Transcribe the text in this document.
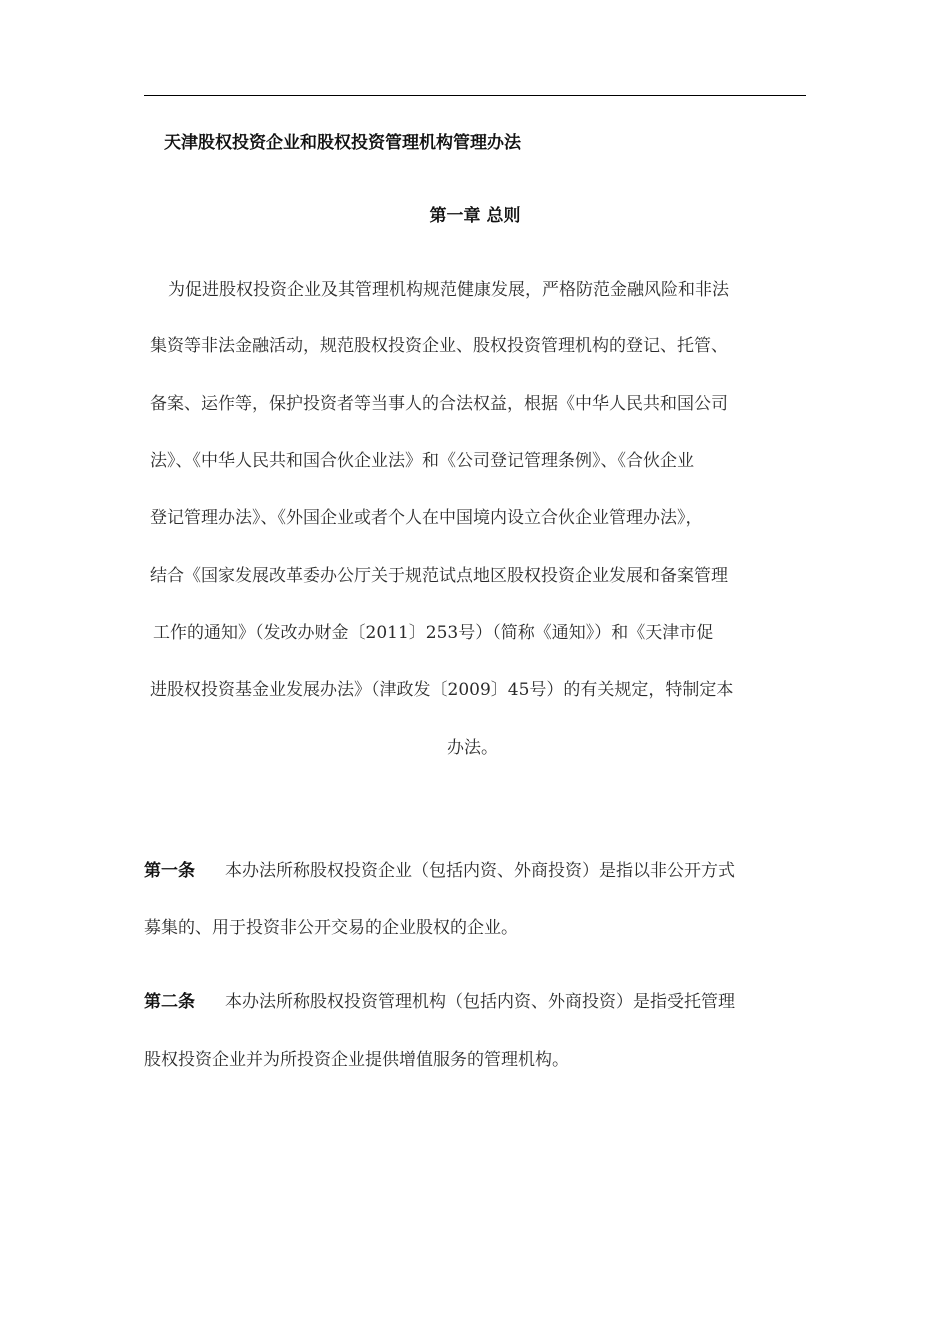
天津股权投资企业和股权投资管理机构管理办法
第一章 总则
为促进股权投资企业及其管理机构规范健康发展，严格防范金融风险和非法
集资等非法金融活动，规范股权投资企业、股权投资管理机构的登记、托管、
备案、运作等，保护投资者等当事人的合法权益，根据《中华人民共和国公司
法》、《中华人民共和国合伙企业法》和《公司登记管理条例》、《合伙企业
登记管理办法》、《外国企业或者个人在中国境内设立合伙企业管理办法》，
结合《国家发展改革委办公厅关于规范试点地区股权投资企业发展和备案管理
工作的通知》（发改办财金〔2011〕253号）（简称《通知》）和《天津市促
进股权投资基金业发展办法》（津政发〔2009〕45号）的有关规定，特制定本
办法。
第一条 本办法所称股权投资企业（包括内资、外商投资）是指以非公开方式
募集的、用于投资非公开交易的企业股权的企业。
第二条 本办法所称股权投资管理机构（包括内资、外商投资）是指受托管理
股权投资企业并为所投资企业提供增值服务的管理机构。
